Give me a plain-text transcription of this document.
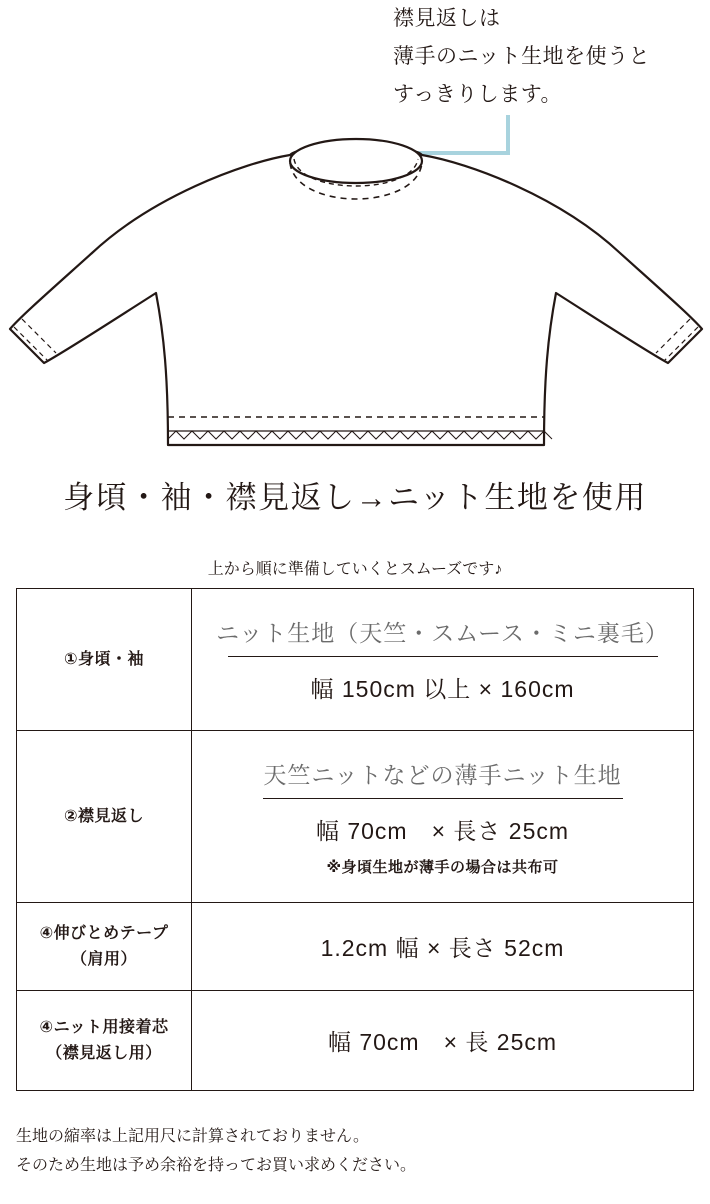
襟見返しは
薄手のニット生地を使うと
すっきりします。
身頃・袖・襟見返し→ニット生地を使用
上から順に準備していくとスムーズです♪
①身頃・袖	ニット生地（天竺・スムース・ミニ裏毛）
幅 150cm 以上 × 160cm

②襟見返し	天竺ニットなどの薄手ニット生地
幅 70cm　× 長さ 25cm
※身頃生地が薄手の場合は共布可

④伸びとめテープ
（肩用）	1.2cm 幅 × 長さ 52cm

④ニット用接着芯
（襟見返し用）	幅 70cm　× 長 25cm
生地の縮率は上記用尺に計算されておりません。
そのため生地は予め余裕を持ってお買い求めください。
